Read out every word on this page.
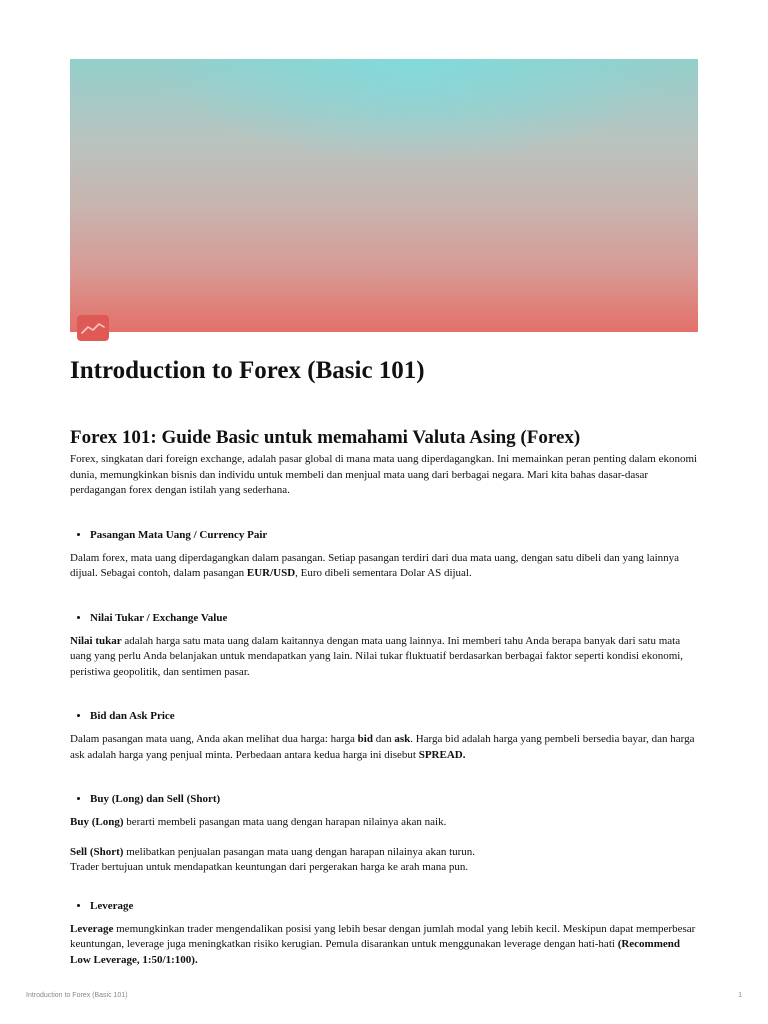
Introduction to Forex (Basic 101)
Forex 101: Guide Basic untuk memahami Valuta Asing (Forex)

Forex, singkatan dari foreign exchange, adalah pasar global di mana mata uang diperdagangkan. Ini memainkan peran penting dalam ekonomi dunia, memungkinkan bisnis dan individu untuk membeli dan menjual mata uang dari berbagai negara. Mari kita bahas dasar-dasar perdagangan forex dengan istilah yang sederhana.

• Pasangan Mata Uang / Currency Pair

Dalam forex, mata uang diperdagangkan dalam pasangan. Setiap pasangan terdiri dari dua mata uang, dengan satu dibeli dan yang lainnya dijual. Sebagai contoh, dalam pasangan EUR/USD, Euro dibeli sementara Dolar AS dijual.

• Nilai Tukar / Exchange Value

Nilai tukar adalah harga satu mata uang dalam kaitannya dengan mata uang lainnya. Ini memberi tahu Anda berapa banyak dari satu mata uang yang perlu Anda belanjakan untuk mendapatkan yang lain. Nilai tukar fluktuatif berdasarkan berbagai faktor seperti kondisi ekonomi, peristiwa geopolitik, dan sentimen pasar.

• Bid dan Ask Price

Dalam pasangan mata uang, Anda akan melihat dua harga: harga bid dan ask. Harga bid adalah harga yang pembeli bersedia bayar, dan harga ask adalah harga yang penjual minta. Perbedaan antara kedua harga ini disebut SPREAD.

• Buy (Long) dan Sell (Short)

Buy (Long) berarti membeli pasangan mata uang dengan harapan nilainya akan naik.

Sell (Short) melibatkan penjualan pasangan mata uang dengan harapan nilainya akan turun.
Trader bertujuan untuk mendapatkan keuntungan dari pergerakan harga ke arah mana pun.

• Leverage

Leverage memungkinkan trader mengendalikan posisi yang lebih besar dengan jumlah modal yang lebih kecil. Meskipun dapat memperbesar keuntungan, leverage juga meningkatkan risiko kerugian. Pemula disarankan untuk menggunakan leverage dengan hati-hati (Recommend Low Leverage, 1:50/1:100).

Introduction to Forex (Basic 101)	1
